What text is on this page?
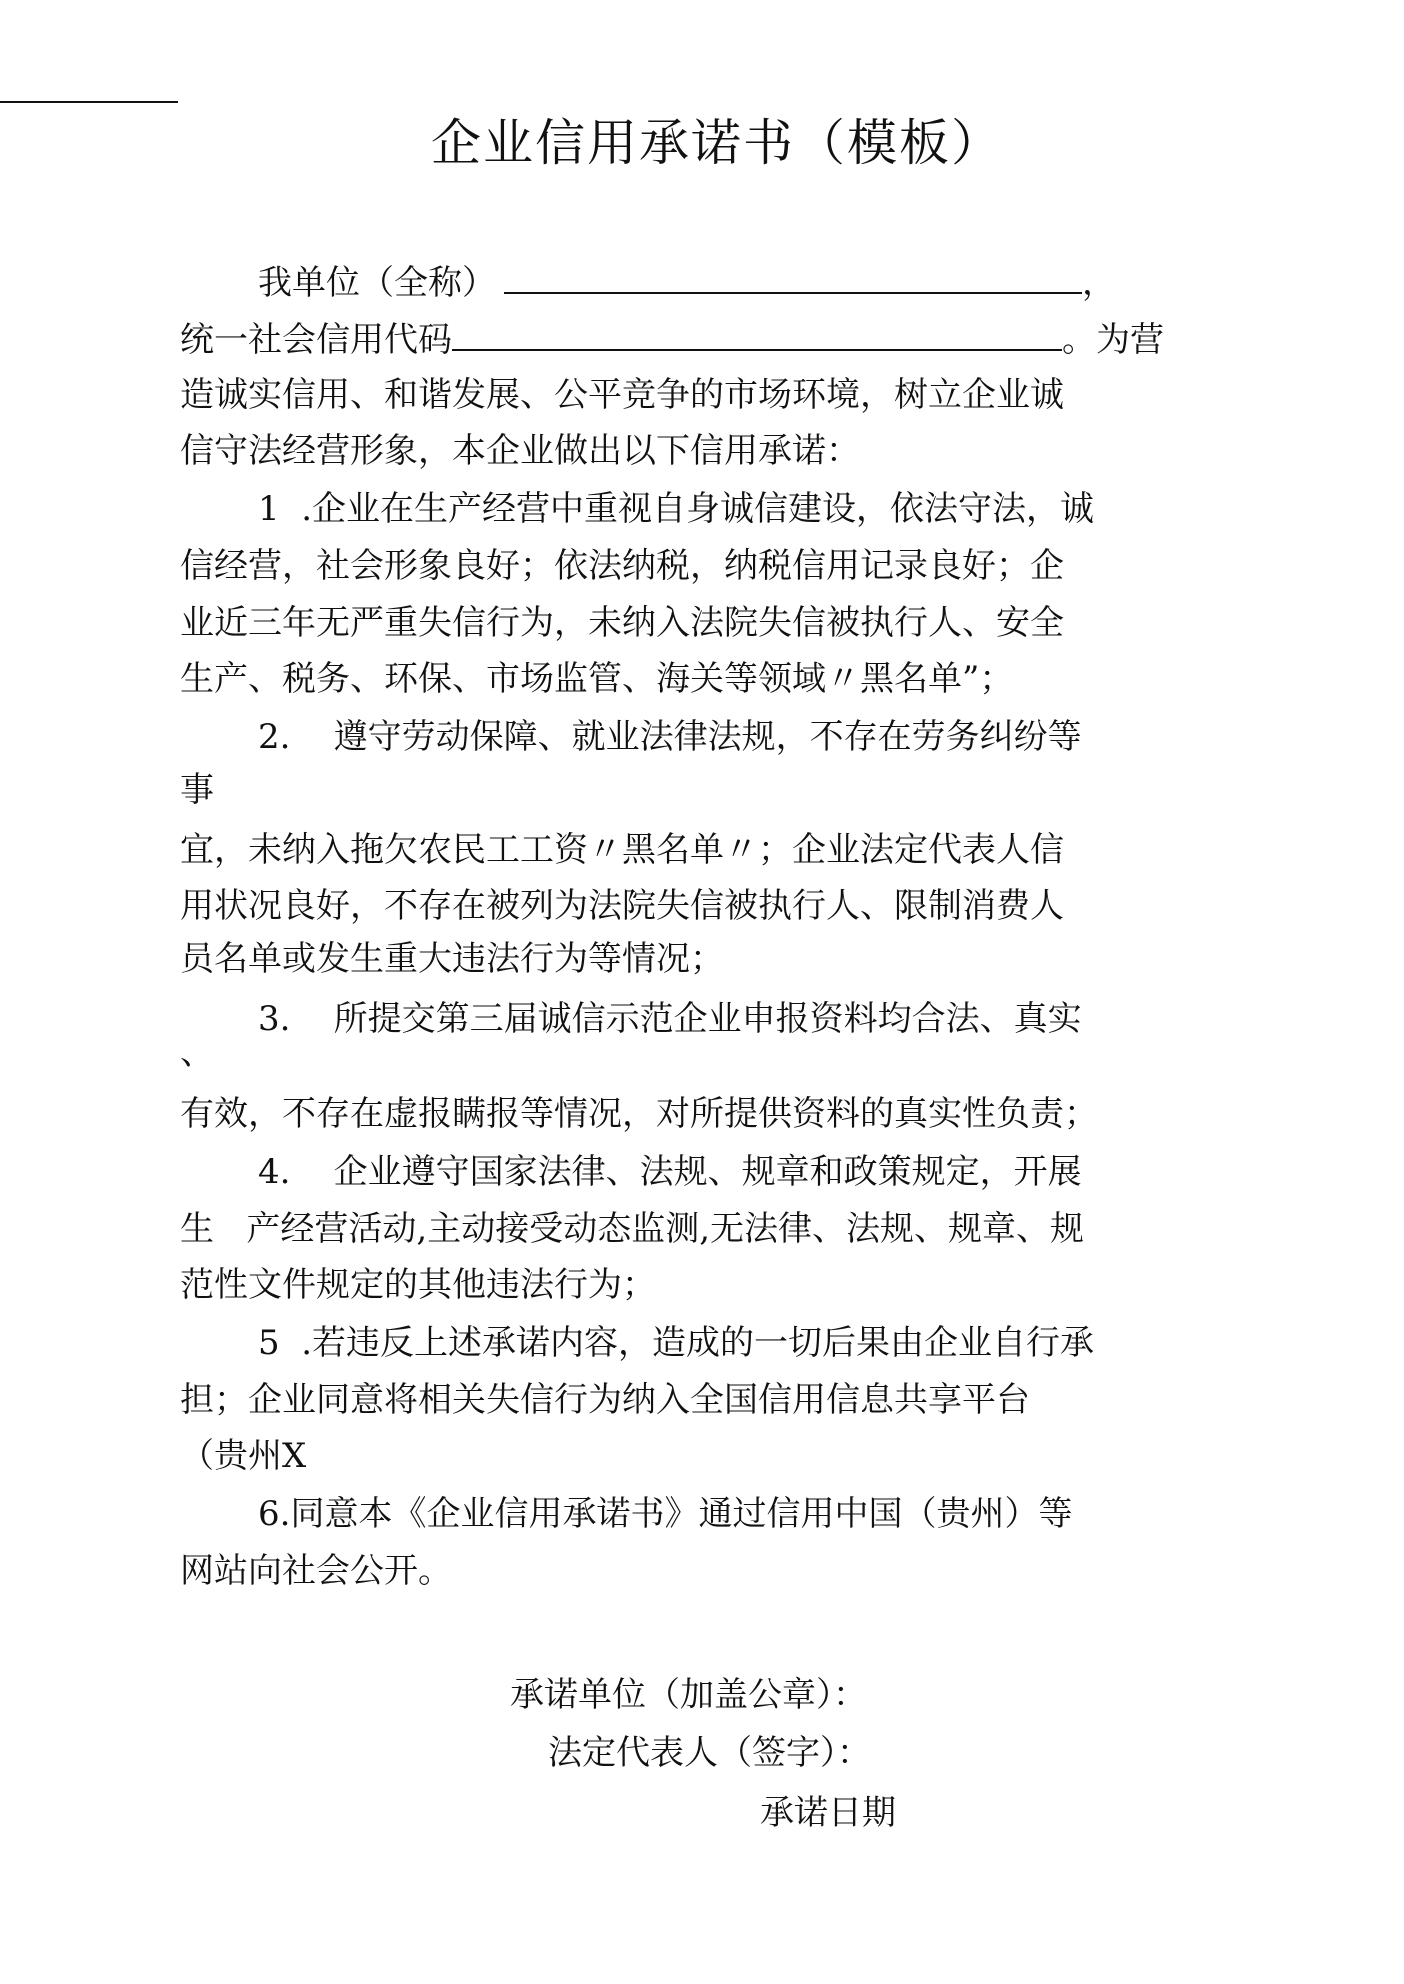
企业信用承诺书（模板）
我单位（全称）	，
统一社会信用代码	。为营
造诚实信用、和谐发展、公平竞争的市场环境，树立企业诚
信守法经营形象，本企业做出以下信用承诺：
1  .企业在生产经营中重视自身诚信建设，依法守法，诚
信经营，社会形象良好；依法纳税，纳税信用记录良好；企
业近三年无严重失信行为，未纳入法院失信被执行人、安全
生产、税务、环保、市场监管、海关等领域〃黑名单”；
2.    遵守劳动保障、就业法律法规，不存在劳务纠纷等
事
宜，未纳入拖欠农民工工资〃黑名单〃；企业法定代表人信
用状况良好，不存在被列为法院失信被执行人、限制消费人
员名单或发生重大违法行为等情况；
3.    所提交第三届诚信示范企业申报资料均合法、真实
、
有效，不存在虚报瞒报等情况，对所提供资料的真实性负责；
4.    企业遵守国家法律、法规、规章和政策规定，开展
生   产经营活动,主动接受动态监测,无法律、法规、规章、规
范性文件规定的其他违法行为；
5  .若违反上述承诺内容，造成的一切后果由企业自行承
担；企业同意将相关失信行为纳入全国信用信息共享平台
（贵州X
6.同意本《企业信用承诺书》通过信用中国（贵州）等
网站向社会公开。
承诺单位（加盖公章）：
法定代表人（签字）：
承诺日期
